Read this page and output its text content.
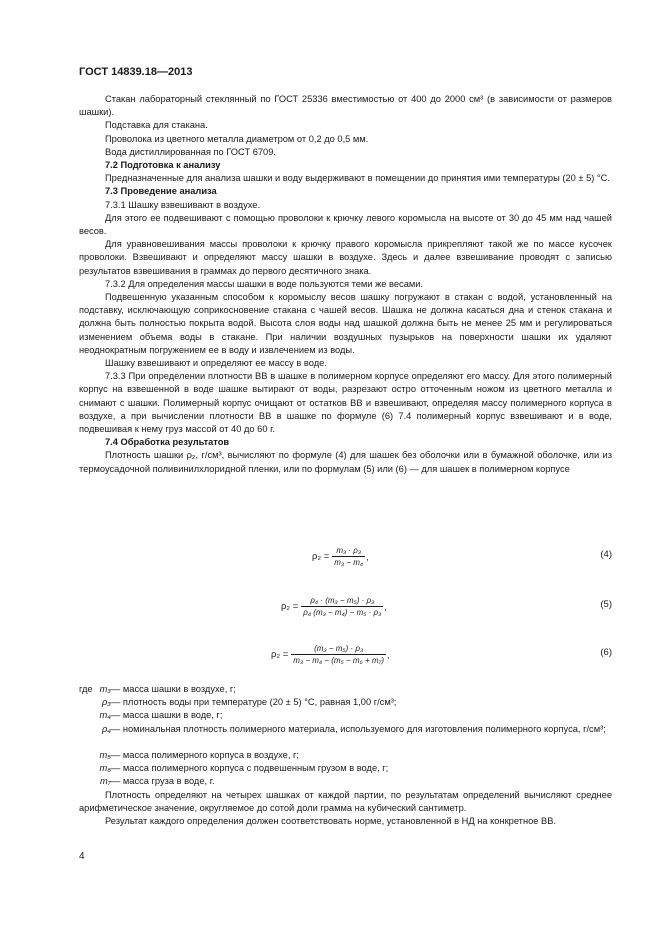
ГОСТ 14839.18—2013

Стакан лабораторный стеклянный по ГОСТ 25336 вместимостью от 400 до 2000 см³ (в зависимости от размеров шашки).

Подставка для стакана.

Проволока из цветного металла диаметром от 0,2 до 0,5 мм.

Вода дистиллированная по ГОСТ 6709.

7.2 Подготовка к анализу

Предназначенные для анализа шашки и воду выдерживают в помещении до принятия ими температуры (20 ± 5) °С.

7.3 Проведение анализа

7.3.1 Шашку взвешивают в воздухе.

Для этого ее подвешивают с помощью проволоки к крючку левого коромысла на высоте от 30 до 45 мм над чашей весов.

Для уравновешивания массы проволоки к крючку правого коромысла прикрепляют такой же по массе кусочек проволоки. Взвешивают и определяют массу шашки в воздухе. Здесь и далее взвешивание проводят с записью результатов взвешивания в граммах до первого десятичного знака.

7.3.2 Для определения массы шашки в воде пользуются теми же весами.

Подвешенную указанным способом к коромыслу весов шашку погружают в стакан с водой, установленный на подставку, исключающую соприкосновение стакана с чашей весов. Шашка не должна касаться дна и стенок стакана и должна быть полностью покрыта водой. Высота слоя воды над шашкой должна быть не менее 25 мм и регулироваться изменением объема воды в стакане. При наличии воздушных пузырьков на поверхности шашки их удаляют неоднократным погружением ее в воду и извлечением из воды.

Шашку взвешивают и определяют ее массу в воде.

7.3.3 При определении плотности ВВ в шашке в полимерном корпусе определяют его массу. Для этого полимерный корпус на взвешенной в воде шашке вытирают от воды, разрезают остро отточенным ножом из цветного металла и снимают с шашки. Полимерный корпус очищают от остатков ВВ и взвешивают, определяя массу полимерного корпуса в воздухе, а при вычислении плотности ВВ в шашке по формуле (6) 7.4 полимерный корпус взвешивают и в воде, подвешивая к нему груз массой от 40 до 60 г.

7.4 Обработка результатов

Плотность шашки ρ₂, г/см³, вычисляют по формуле (4) для шашек без оболочки или в бумажной оболочке, или из термоусадочной поливинилхлоридной пленки, или по формулам (5) или (6) — для шашек в полимерном корпусе

$\rho_2 = \frac{\text{m₃ · ρ₃}}{\text{m₃ − m₄}}$ ,	(4)
$\rho_2 = \frac{\text{ρ₄ · (m₃ − m₅) · ρ₃}}{\text{ρ₄ (m₃ − m₄) − m₅ · ρ₃}}$ ,	(5)
$\rho_2 = \frac{\text{(m₃ − m₅) · ρ₃}}{\text{m₃ − m₄ − (m₅ − m₆ + m₇)}}$ ,	(6)
где m₃ — масса шашки в воздухе, г;
ρ₃ — плотность воды при температуре (20 ± 5) °С, равная 1,00 г/см³;
m₄ — масса шашки в воде, г;
ρ₄ — номинальная плотность полимерного материала, используемого для изготовления полимерного корпуса, г/см³;
m₅ — масса полимерного корпуса в воздухе, г;
m₆ — масса полимерного корпуса с подвешенным грузом в воде, г;
m₇ — масса груза в воде, г.

Плотность определяют на четырех шашках от каждой партии, по результатам определений вычисляют среднее арифметическое значение, округляемое до сотой доли грамма на кубический сантиметр.

Результат каждого определения должен соответствовать норме, установленной в НД на конкретное ВВ.

4
